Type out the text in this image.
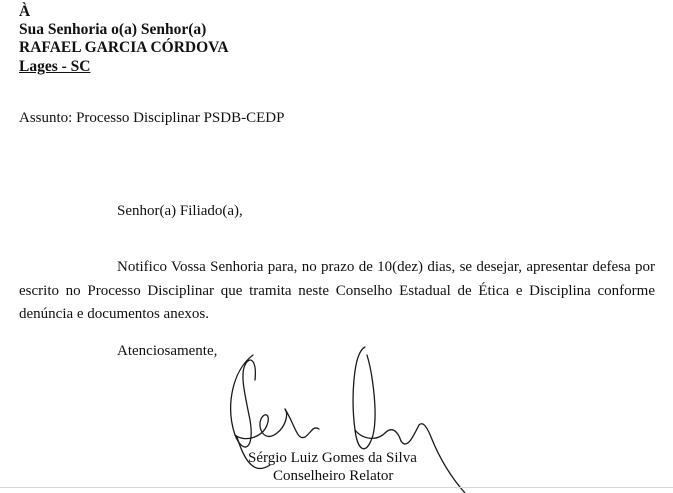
À

Sua Senhoria o(a) Senhor(a)

RAFAEL GARCIA CÓRDOVA

Lages - SC

Assunto: Processo Disciplinar PSDB-CEDP
Senhor(a) Filiado(a),

Notifico Vossa Senhoria para, no prazo de 10(dez) dias, se desejar, apresentar defesa por escrito no Processo Disciplinar que tramita neste Conselho Estadual de Ética e Disciplina conforme denúncia e documentos anexos.

Atenciosamente,
Sérgio Luiz Gomes da Silva
Conselheiro Relator
